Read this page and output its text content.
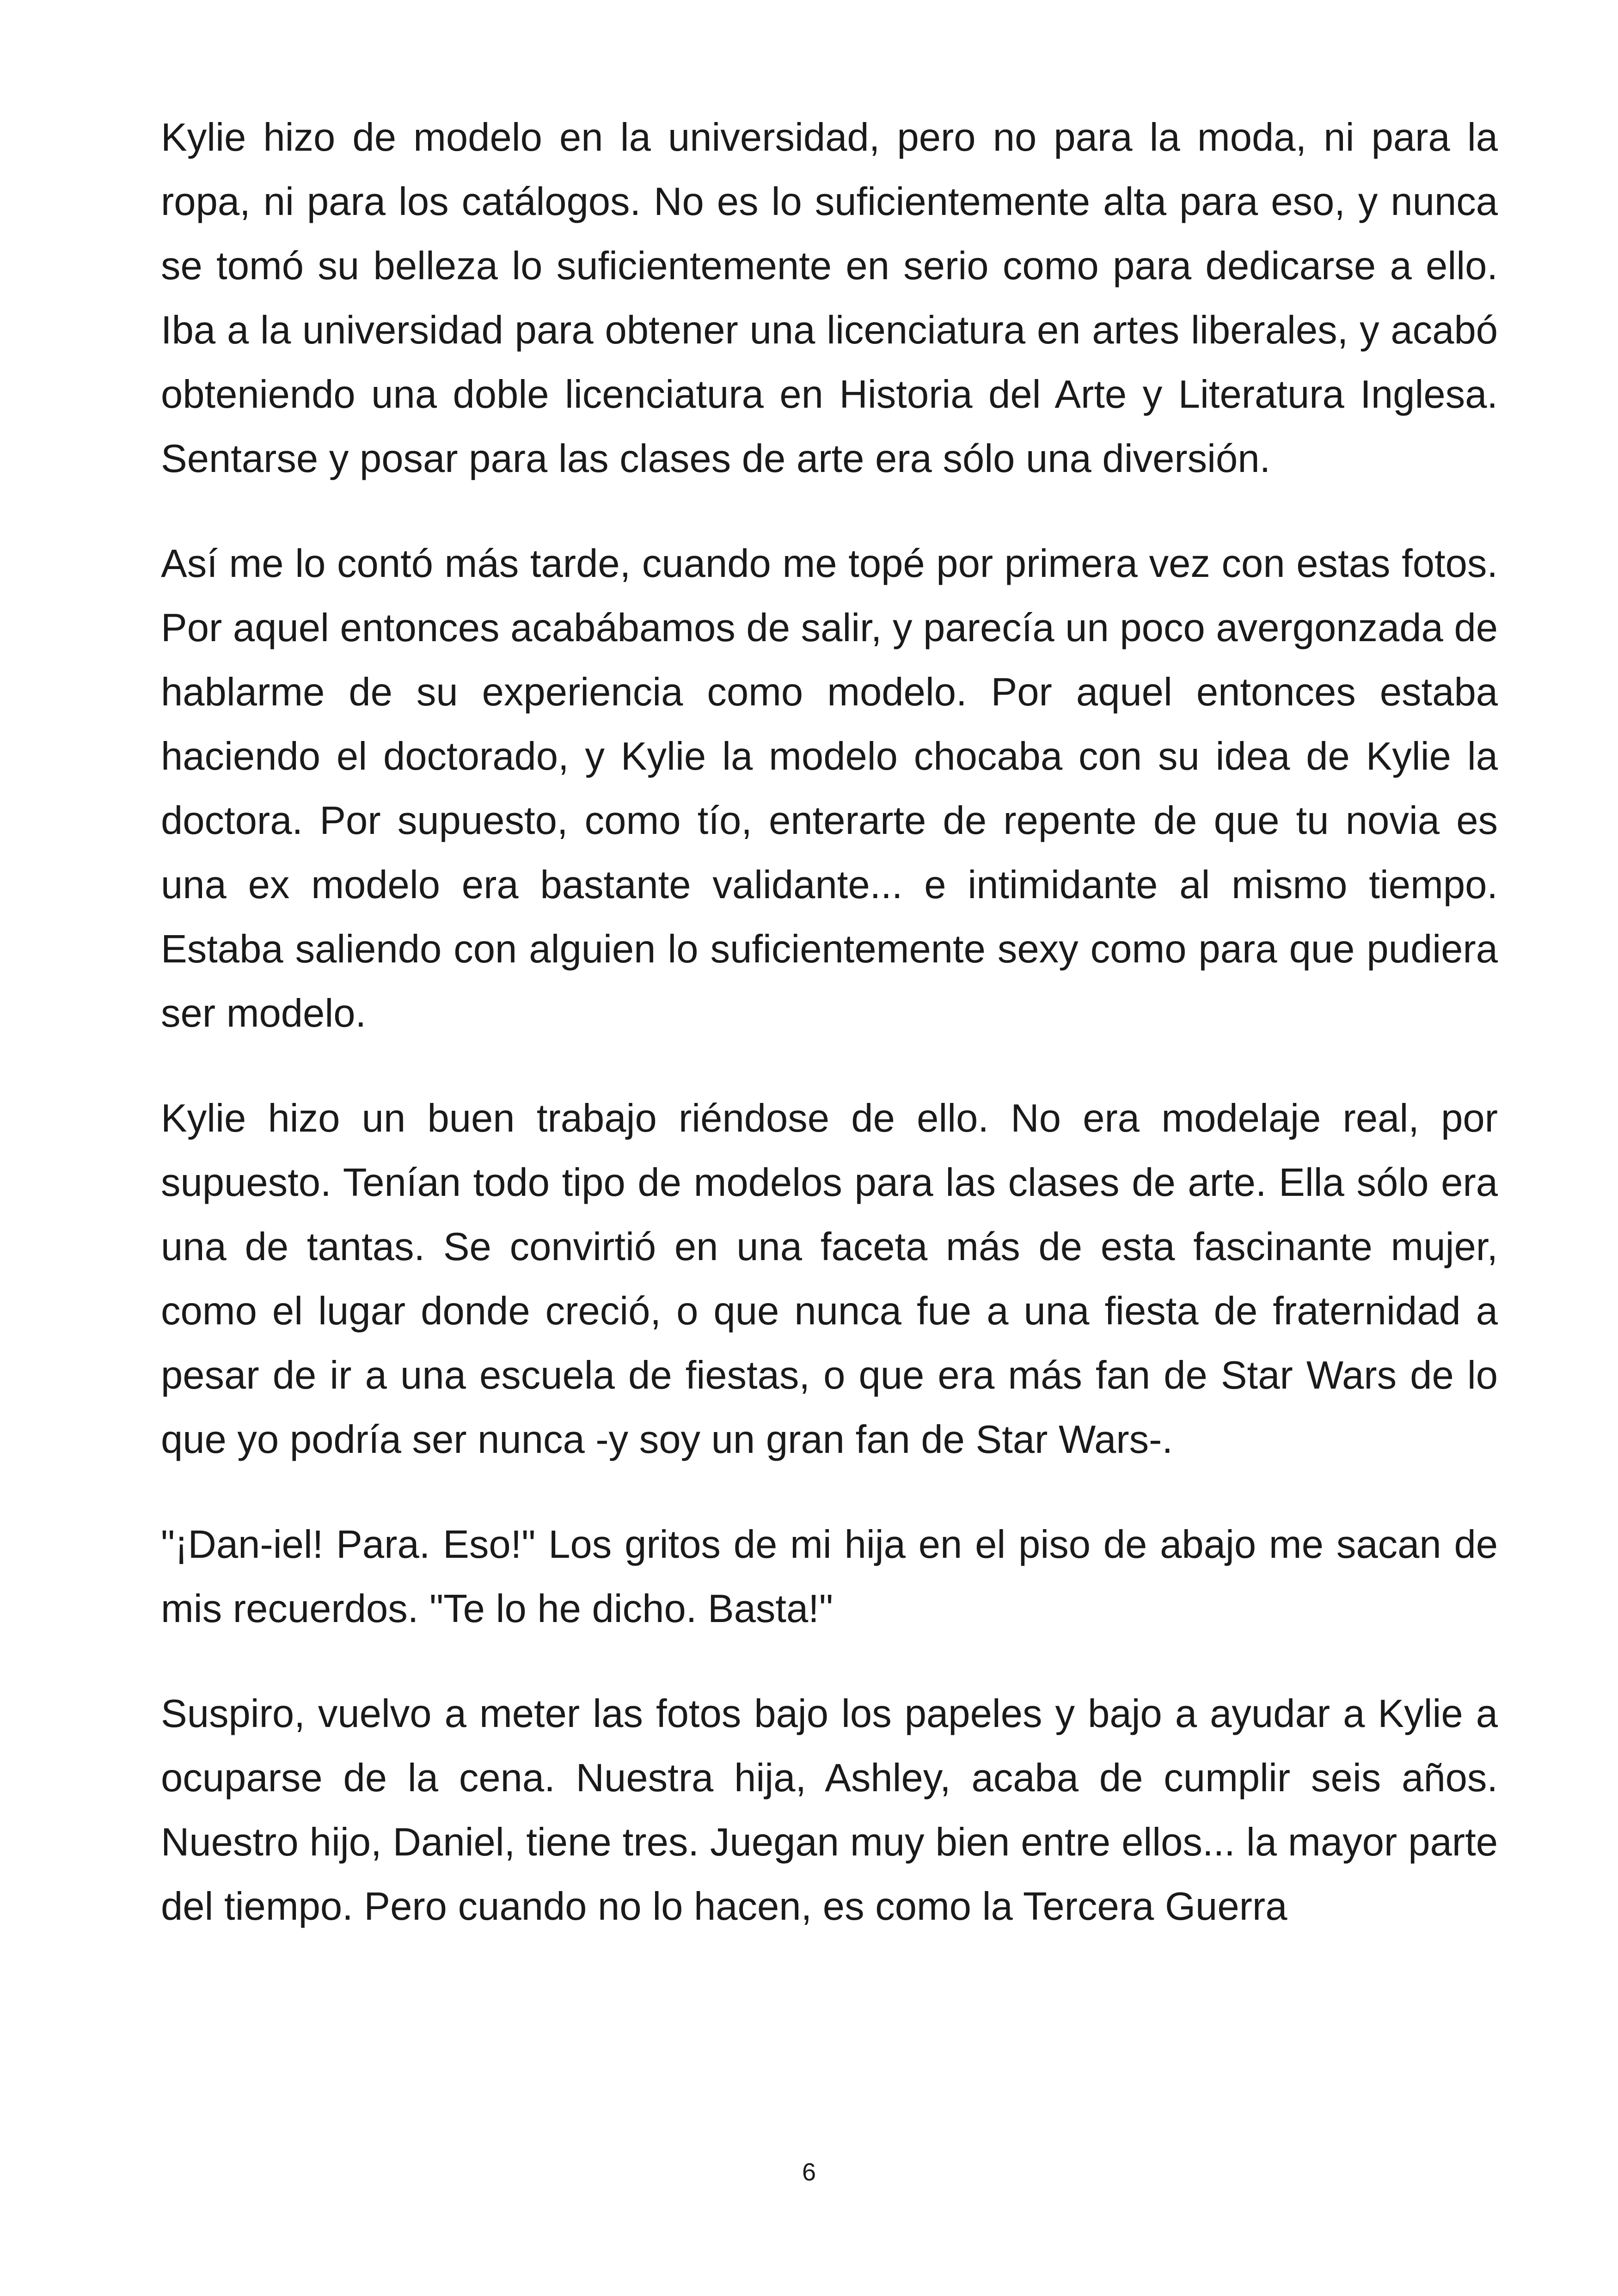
Kylie hizo de modelo en la universidad, pero no para la moda, ni para la ropa, ni para los catálogos. No es lo suficientemente alta para eso, y nunca se tomó su belleza lo suficientemente en serio como para dedicarse a ello. Iba a la universidad para obtener una licenciatura en artes liberales, y acabó obteniendo una doble licenciatura en Historia del Arte y Literatura Inglesa. Sentarse y posar para las clases de arte era sólo una diversión.

Así me lo contó más tarde, cuando me topé por primera vez con estas fotos. Por aquel entonces acabábamos de salir, y parecía un poco avergonzada de hablarme de su experiencia como modelo. Por aquel entonces estaba haciendo el doctorado, y Kylie la modelo chocaba con su idea de Kylie la doctora. Por supuesto, como tío, enterarte de repente de que tu novia es una ex modelo era bastante validante... e intimidante al mismo tiempo. Estaba saliendo con alguien lo suficientemente sexy como para que pudiera ser modelo.

Kylie hizo un buen trabajo riéndose de ello. No era modelaje real, por supuesto. Tenían todo tipo de modelos para las clases de arte. Ella sólo era una de tantas. Se convirtió en una faceta más de esta fascinante mujer, como el lugar donde creció, o que nunca fue a una fiesta de fraternidad a pesar de ir a una escuela de fiestas, o que era más fan de Star Wars de lo que yo podría ser nunca -y soy un gran fan de Star Wars-.

"¡Dan-iel! Para. Eso!" Los gritos de mi hija en el piso de abajo me sacan de mis recuerdos. "Te lo he dicho. Basta!"

Suspiro, vuelvo a meter las fotos bajo los papeles y bajo a ayudar a Kylie a ocuparse de la cena. Nuestra hija, Ashley, acaba de cumplir seis años. Nuestro hijo, Daniel, tiene tres. Juegan muy bien entre ellos... la mayor parte del tiempo. Pero cuando no lo hacen, es como la Tercera Guerra

6
